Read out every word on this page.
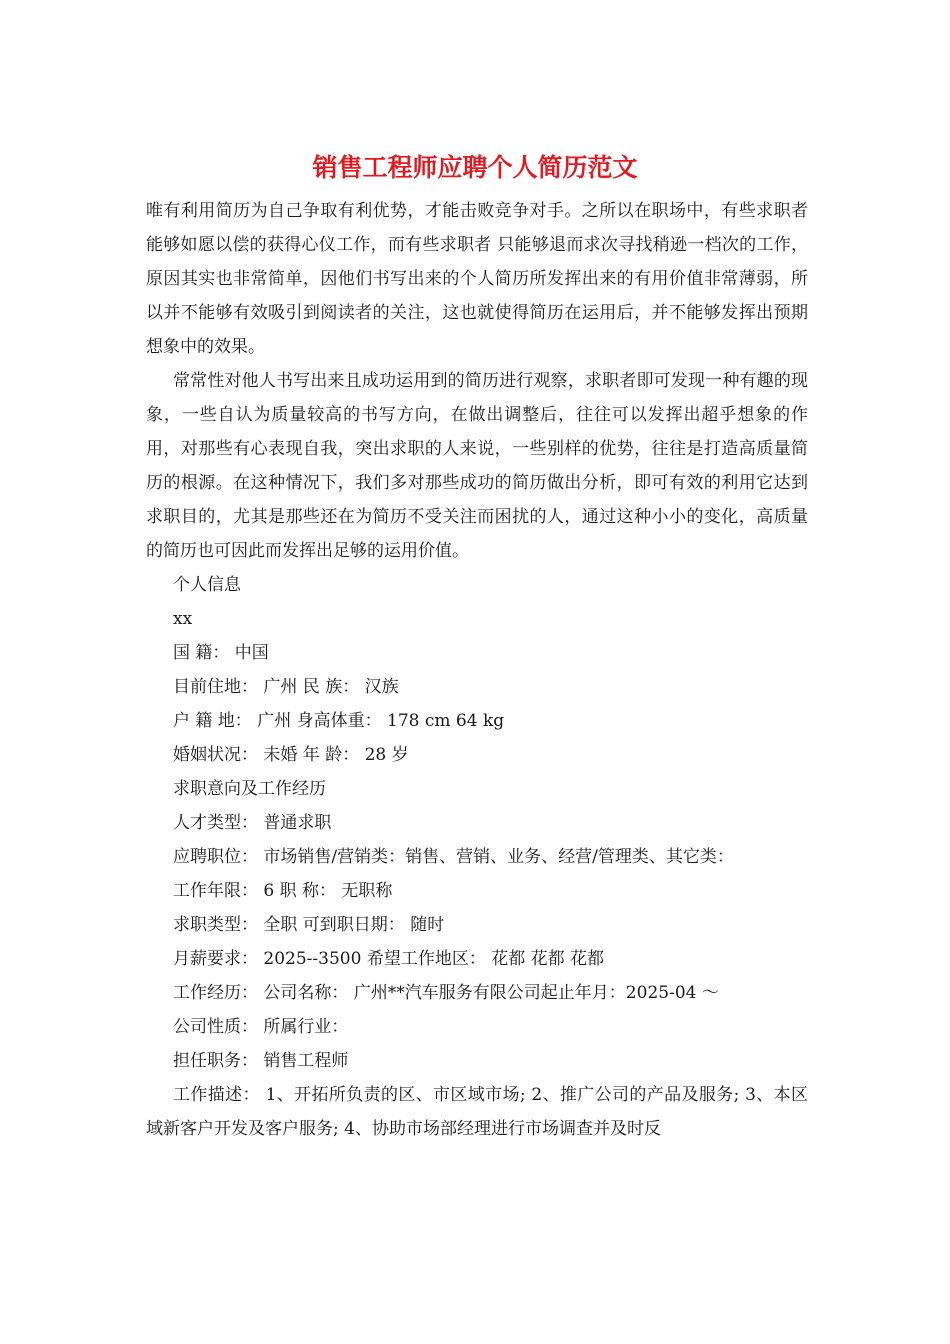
销售工程师应聘个人简历范文

唯有利用简历为自己争取有利优势，才能击败竞争对手。之所以在职场中，有些求职者能够如愿以偿的获得心仪工作，而有些求职者 只能够退而求次寻找稍逊一档次的工作，原因其实也非常简单，因他们书写出来的个人简历所发挥出来的有用价值非常薄弱，所以并不能够有效吸引到阅读者的关注，这也就使得简历在运用后，并不能够发挥出预期想象中的效果。

常常性对他人书写出来且成功运用到的简历进行观察，求职者即可发现一种有趣的现象，一些自认为质量较高的书写方向，在做出调整后，往往可以发挥出超乎想象的作用，对那些有心表现自我，突出求职的人来说，一些别样的优势，往往是打造高质量简历的根源。在这种情况下，我们多对那些成功的简历做出分析，即可有效的利用它达到求职目的，尤其是那些还在为简历不受关注而困扰的人，通过这种小小的变化，高质量的简历也可因此而发挥出足够的运用价值。

个人信息

xx

国 籍： 中国

目前住地： 广州 民 族： 汉族

户 籍 地： 广州 身高体重： 178 cm 64 kg

婚姻状况： 未婚 年 龄： 28 岁

求职意向及工作经历

人才类型： 普通求职

应聘职位： 市场销售/营销类：销售、营销、业务、经营/管理类、其它类：

工作年限： 6 职 称： 无职称

求职类型： 全职 可到职日期： 随时

月薪要求： 2025--3500 希望工作地区： 花都 花都 花都

工作经历： 公司名称： 广州**汽车服务有限公司起止年月：2025-04 ～

公司性质： 所属行业：

担任职务： 销售工程师

工作描述： 1、开拓所负责的区、市区域市场; 2、推广公司的产品及服务; 3、本区域新客户开发及客户服务; 4、协助市场部经理进行市场调查并及时反
